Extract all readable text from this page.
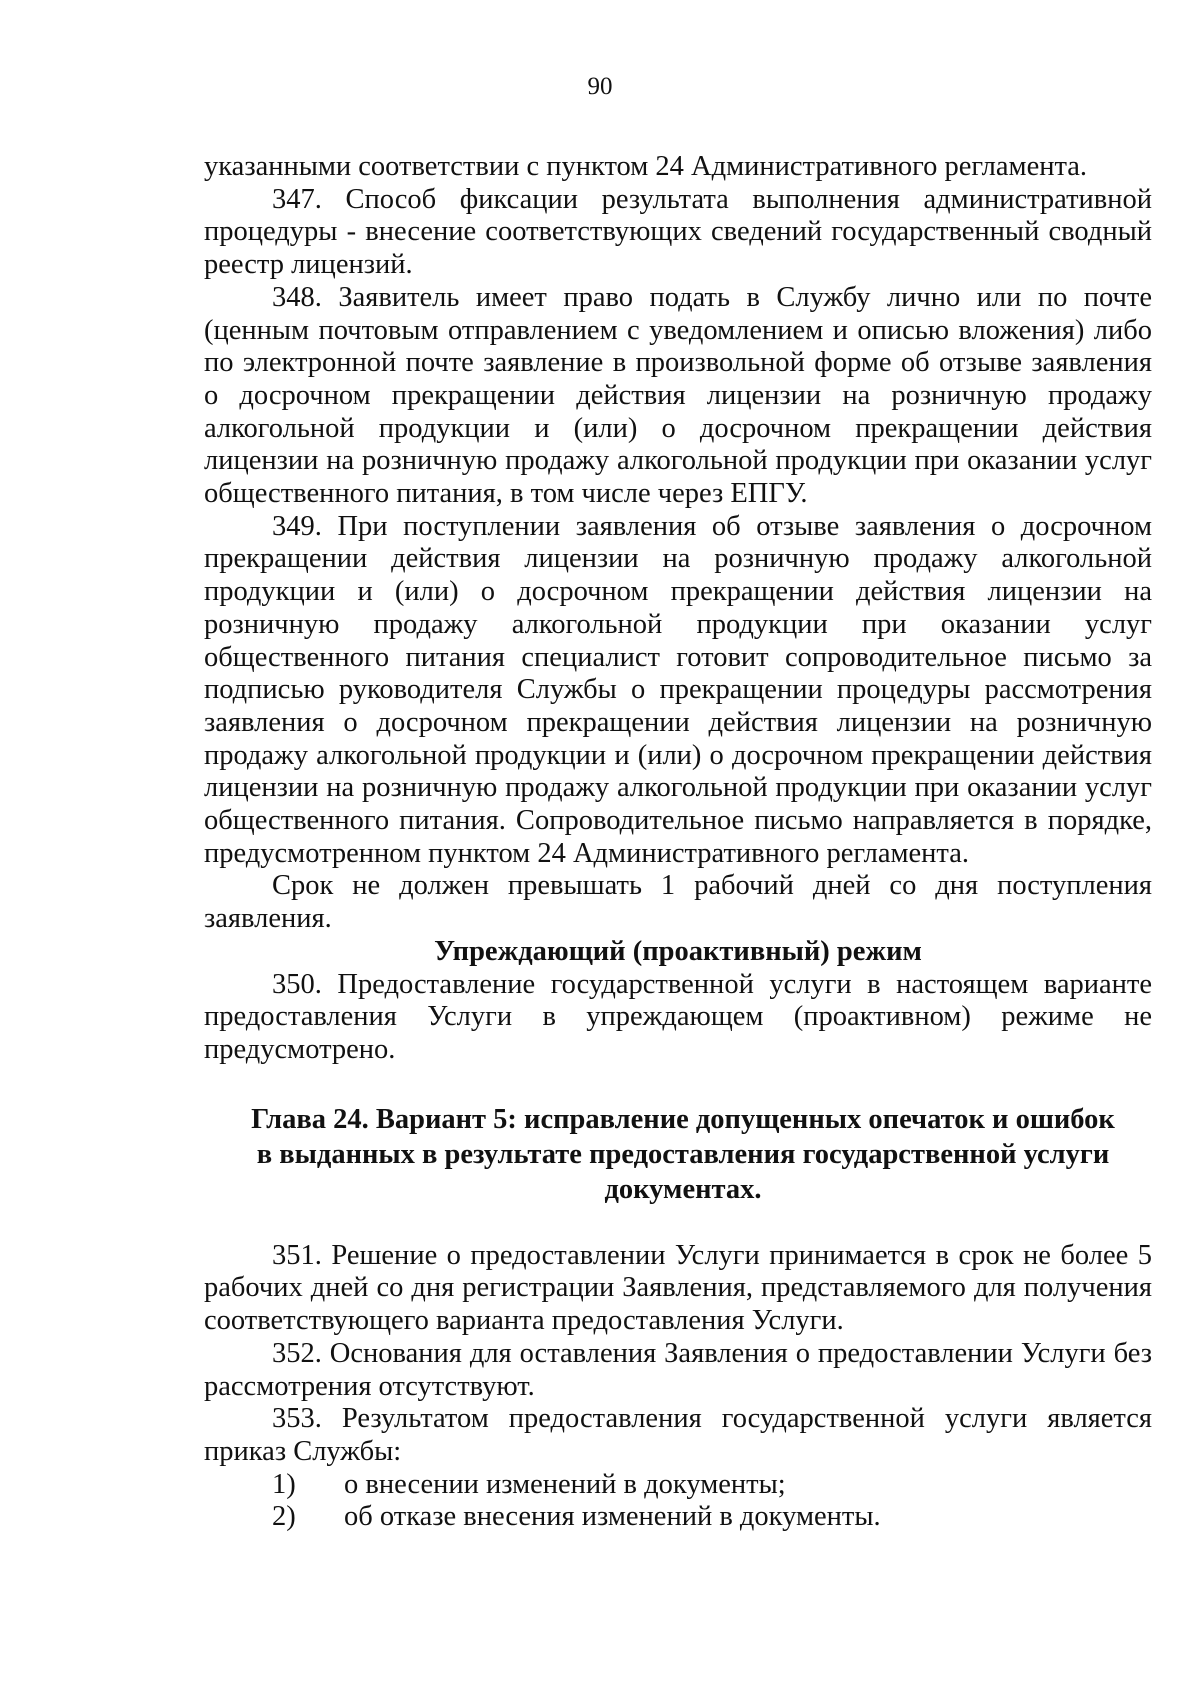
90

указанными соответствии с пунктом 24 Административного регламента.

347. Способ фиксации результата выполнения административной процедуры - внесение соответствующих сведений государственный сводный реестр лицензий.

348. Заявитель имеет право подать в Службу лично или по почте (ценным почтовым отправлением с уведомлением и описью вложения) либо по электронной почте заявление в произвольной форме об отзыве заявления о досрочном прекращении действия лицензии на розничную продажу алкогольной продукции и (или) о досрочном прекращении действия лицензии на розничную продажу алкогольной продукции при оказании услуг общественного питания, в том числе через ЕПГУ.

349. При поступлении заявления об отзыве заявления о досрочном прекращении действия лицензии на розничную продажу алкогольной продукции и (или) о досрочном прекращении действия лицензии на розничную продажу алкогольной продукции при оказании услуг общественного питания специалист готовит сопроводительное письмо за подписью руководителя Службы о прекращении процедуры рассмотрения заявления о досрочном прекращении действия лицензии на розничную продажу алкогольной продукции и (или) о досрочном прекращении действия лицензии на розничную продажу алкогольной продукции при оказании услуг общественного питания. Сопроводительное письмо направляется в порядке, предусмотренном пунктом 24 Административного регламента.

Срок не должен превышать 1 рабочий дней со дня поступления заявления.

Упреждающий (проактивный) режим

350. Предоставление государственной услуги в настоящем варианте предоставления Услуги в упреждающем (проактивном) режиме не предусмотрено.

Глава 24. Вариант 5: исправление допущенных опечаток и ошибок

в выданных в результате предоставления государственной услуги

документах.

351. Решение о предоставлении Услуги принимается в срок не более 5 рабочих дней со дня регистрации Заявления, представляемого для получения соответствующего варианта предоставления Услуги.

352. Основания для оставления Заявления о предоставлении Услуги без рассмотрения отсутствуют.

353. Результатом предоставления государственной услуги является приказ Службы:

1)	о внесении изменений в документы;
2)	об отказе внесения изменений в документы.
